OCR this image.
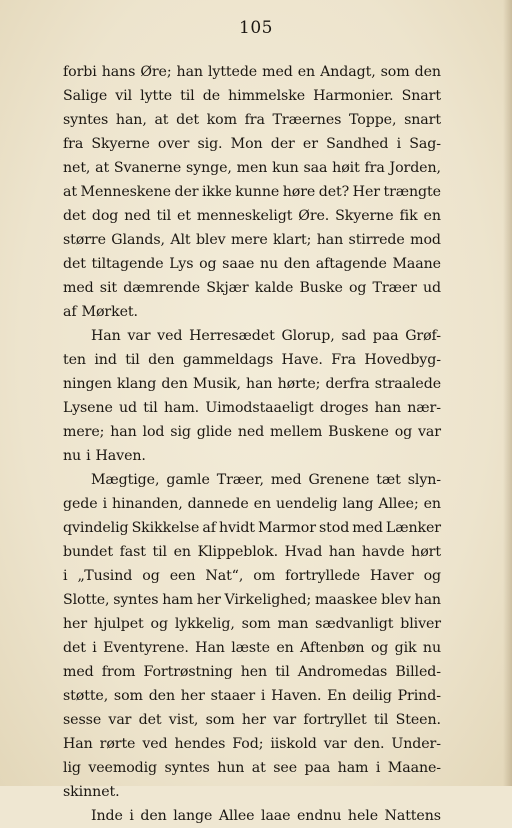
105
forbi hans Øre; han lyttede med en Andagt, som den
Salige vil lytte til de himmelske Harmonier. Snart
syntes han, at det kom fra Træernes Toppe, snart
fra Skyerne over sig. Mon der er Sandhed i Sag-
net, at Svanerne synge, men kun saa høit fra Jorden,
at Menneskene der ikke kunne høre det? Her trængte
det dog ned til et menneskeligt Øre. Skyerne fik en
større Glands, Alt blev mere klart; han stirrede mod
det tiltagende Lys og saae nu den aftagende Maane
med sit dæmrende Skjær kalde Buske og Træer ud
af Mørket.
Han var ved Herresædet Glorup, sad paa Grøf-
ten ind til den gammeldags Have. Fra Hovedbyg-
ningen klang den Musik, han hørte; derfra straalede
Lysene ud til ham. Uimodstaaeligt droges han nær-
mere; han lod sig glide ned mellem Buskene og var
nu i Haven.
Mægtige, gamle Træer, med Grenene tæt slyn-
gede i hinanden, dannede en uendelig lang Allee; en
qvindelig Skikkelse af hvidt Marmor stod med Lænker
bundet fast til en Klippeblok. Hvad han havde hørt
i „Tusind og een Nat“, om fortryllede Haver og
Slotte, syntes ham her Virkelighed; maaskee blev han
her hjulpet og lykkelig, som man sædvanligt bliver
det i Eventyrene. Han læste en Aftenbøn og gik nu
med from Fortrøstning hen til Andromedas Billed-
støtte, som den her staaer i Haven. En deilig Prind-
sesse var det vist, som her var fortryllet til Steen.
Han rørte ved hendes Fod; iiskold var den. Under-
lig veemodig syntes hun at see paa ham i Maane-
skinnet.
Inde i den lange Allee laae endnu hele Nattens
